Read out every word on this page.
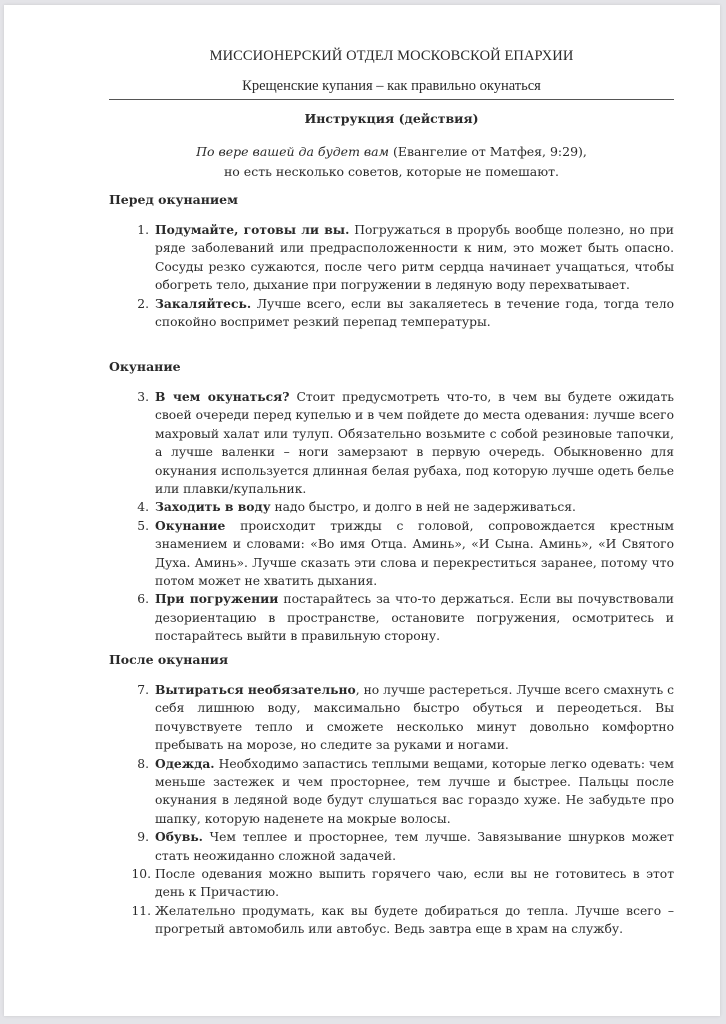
МИССИОНЕРСКИЙ ОТДЕЛ МОСКОВСКОЙ ЕПАРХИИ
Крещенские купания – как правильно окунаться
Инструкция (действия)
По вере вашей да будет вам (Евангелие от Матфея, 9:29),
но есть несколько советов, которые не помешают.
Перед окунанием
1. Подумайте, готовы ли вы. Погружаться в прорубь вообще полезно, но при ряде заболеваний или предрасположенности к ним, это может быть опасно. Сосуды резко сужаются, после чего ритм сердца начинает учащаться, чтобы обогреть тело, дыхание при погружении в ледяную воду перехватывает.
2. Закаляйтесь. Лучше всего, если вы закаляетесь в течение года, тогда тело спокойно воспримет резкий перепад температуры.
Окунание
3. В чем окунаться? Стоит предусмотреть что-то, в чем вы будете ожидать своей очереди перед купелью и в чем пойдете до места одевания: лучше всего махровый халат или тулуп. Обязательно возьмите с собой резиновые тапочки, а лучше валенки – ноги замерзают в первую очередь. Обыкновенно для окунания используется длинная белая рубаха, под которую лучше одеть белье или плавки/купальник.
4. Заходить в воду надо быстро, и долго в ней не задерживаться.
5. Окунание происходит трижды с головой, сопровождается крестным знамением и словами: «Во имя Отца. Аминь», «И Сына. Аминь», «И Святого Духа. Аминь». Лучше сказать эти слова и перекреститься заранее, потому что потом может не хватить дыхания.
6. При погружении постарайтесь за что-то держаться. Если вы почувствовали дезориентацию в пространстве, остановите погружения, осмотритесь и постарайтесь выйти в правильную сторону.
После окунания
7. Вытираться необязательно, но лучше растереться. Лучше всего смахнуть с себя лишнюю воду, максимально быстро обуться и переодеться. Вы почувствуете тепло и сможете несколько минут довольно комфортно пребывать на морозе, но следите за руками и ногами.
8. Одежда. Необходимо запастись теплыми вещами, которые легко одевать: чем меньше застежек и чем просторнее, тем лучше и быстрее. Пальцы после окунания в ледяной воде будут слушаться вас гораздо хуже. Не забудьте про шапку, которую наденете на мокрые волосы.
9. Обувь. Чем теплее и просторнее, тем лучше. Завязывание шнурков может стать неожиданно сложной задачей.
10. После одевания можно выпить горячего чаю, если вы не готовитесь в этот день к Причастию.
11. Желательно продумать, как вы будете добираться до тепла. Лучше всего – прогретый автомобиль или автобус. Ведь завтра еще в храм на службу.
